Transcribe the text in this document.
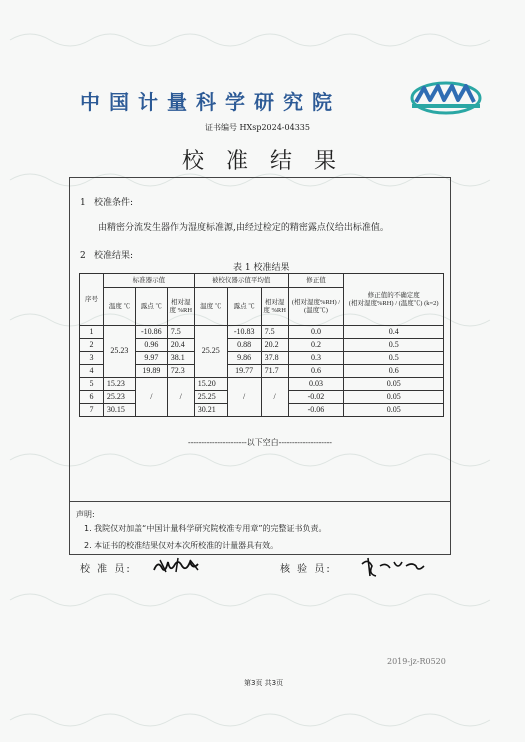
中国计量科学研究院
证书编号 HXsp2024-04335
校准结果
1 校准条件:
由精密分流发生器作为湿度标准源,由经过检定的精密露点仪给出标准值。
2 校准结果:
表 1 校准结果
序号	标准器示值			被校仪器示值平均值			修正值	修正值的不确定度
(相对湿度%RH) / (温度℃) (k=2)
	温度 ℃	露点 ℃	相对湿度 %RH	温度 ℃	露点 ℃	相对湿度 %RH	(相对湿度%RH) / (温度℃)	
1	25.23	-10.86	7.5	25.25	-10.83	7.5	0.0	0.4
2		0.96	20.4		0.88	20.2	0.2	0.5
3		9.97	38.1		9.86	37.8	0.3	0.5
4		19.89	72.3		19.77	71.7	0.6	0.6
5	15.23	/	/	15.20	/	/	0.03	0.05
6	25.23			25.25			-0.02	0.05
7	30.15			30.21			-0.06	0.05
----------------------以下空白--------------------
声明:
1. 我院仅对加盖“中国计量科学研究院校准专用章”的完整证书负责。
2. 本证书的校准结果仅对本次所校准的计量器具有效。
校 准 员:	核 验 员:
2019-jz-R0520
第3页 共3页
